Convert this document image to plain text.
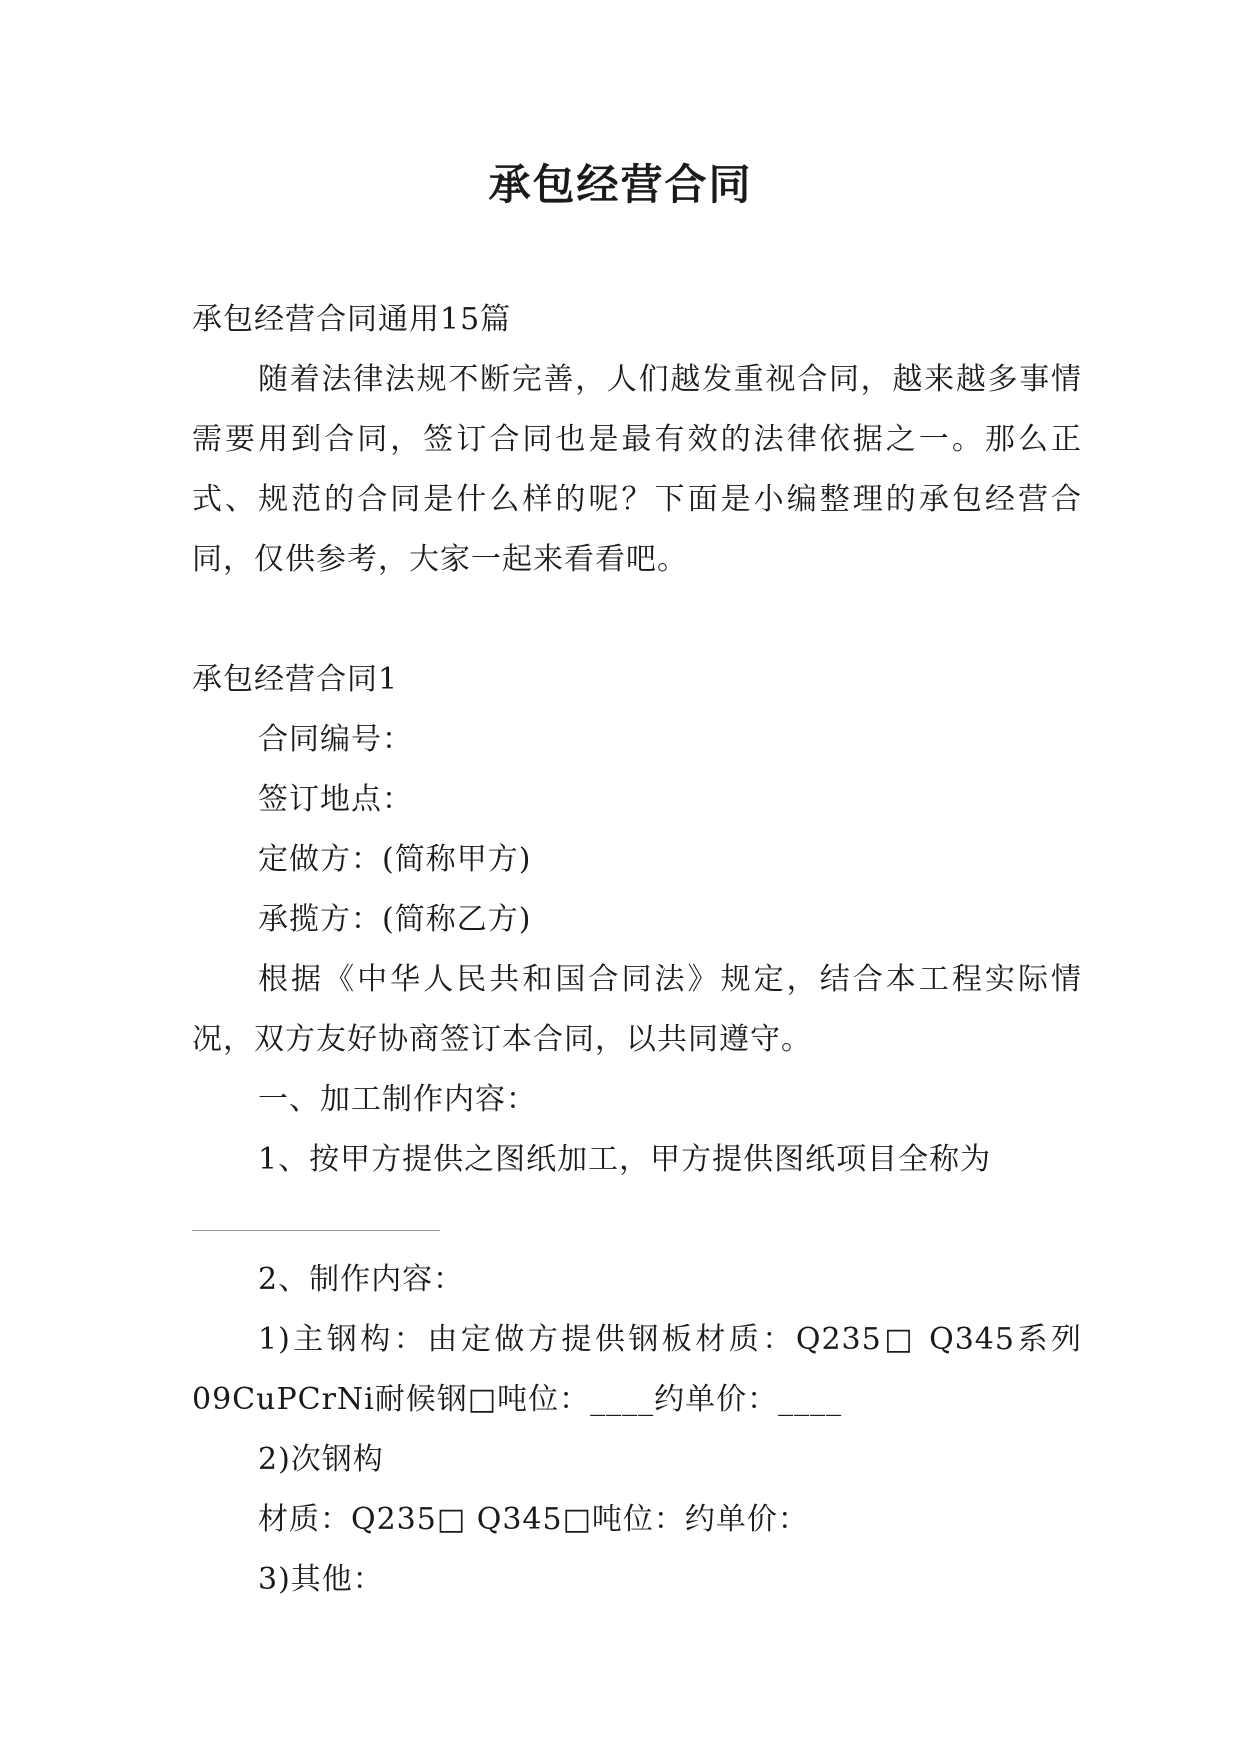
承包经营合同
承包经营合同通用15篇
随着法律法规不断完善，人们越发重视合同，越来越多事情需要用到合同，签订合同也是最有效的法律依据之一。那么正式、规范的合同是什么样的呢？下面是小编整理的承包经营合同，仅供参考，大家一起来看看吧。
承包经营合同1
合同编号：
签订地点：
定做方：(简称甲方)
承揽方：(简称乙方)
根据《中华人民共和国合同法》规定，结合本工程实际情况，双方友好协商签订本合同，以共同遵守。
一、加工制作内容：
1、按甲方提供之图纸加工，甲方提供图纸项目全称为
2、制作内容：
1)主钢构：由定做方提供钢板材质：Q235□ Q345系列09CuPCrNi耐候钢□吨位：____约单价：____
2)次钢构
材质：Q235□ Q345□吨位：约单价：
3)其他：
